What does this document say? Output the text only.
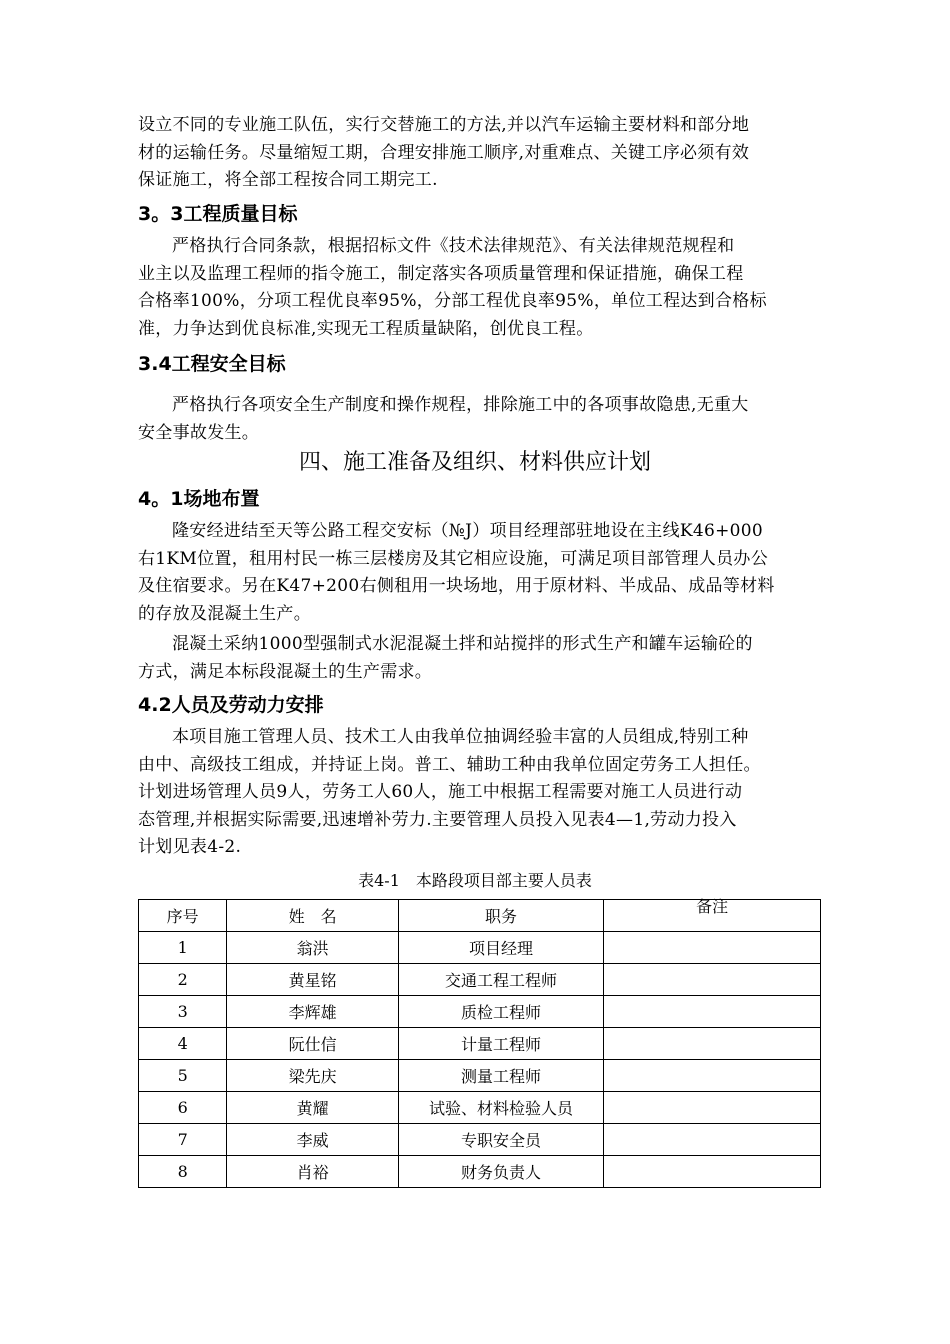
设立不同的专业施工队伍，实行交替施工的方法,并以汽车运输主要材料和部分地
材的运输任务。尽量缩短工期，合理安排施工顺序,对重难点、关键工序必须有效
保证施工，将全部工程按合同工期完工.
3。3工程质量目标
严格执行合同条款，根据招标文件《技术法律规范》、有关法律规范规程和
业主以及监理工程师的指令施工，制定落实各项质量管理和保证措施，确保工程
合格率100%，分项工程优良率95%，分部工程优良率95%，单位工程达到合格标
准，力争达到优良标准,实现无工程质量缺陷，创优良工程。
3.4工程安全目标
严格执行各项安全生产制度和操作规程，排除施工中的各项事故隐患,无重大
安全事故发生。
四、施工准备及组织、材料供应计划
4。1场地布置
隆安经进结至天等公路工程交安标（№J）项目经理部驻地设在主线K46+000
右1KM位置，租用村民一栋三层楼房及其它相应设施，可满足项目部管理人员办公
及住宿要求。另在K47+200右侧租用一块场地，用于原材料、半成品、成品等材料
的存放及混凝土生产。
混凝土采纳1000型强制式水泥混凝土拌和站搅拌的形式生产和罐车运输砼的
方式，满足本标段混凝土的生产需求。
4.2人员及劳动力安排
本项目施工管理人员、技术工人由我单位抽调经验丰富的人员组成,特别工种
由中、高级技工组成，并持证上岗。普工、辅助工种由我单位固定劳务工人担任。
计划进场管理人员9人，劳务工人60人，施工中根据工程需要对施工人员进行动
态管理,并根据实际需要,迅速增补劳力.主要管理人员投入见表4—1,劳动力投入
计划见表4-2.
表4-1　本路段项目部主要人员表
序号	姓　名	职务	备注
1	翁洪	项目经理	
2	黄星铭	交通工程工程师	
3	李辉雄	质检工程师	
4	阮仕信	计量工程师	
5	梁先庆	测量工程师	
6	黄耀	试验、材料检验人员	
7	李威	专职安全员	
8	肖裕	财务负责人	
